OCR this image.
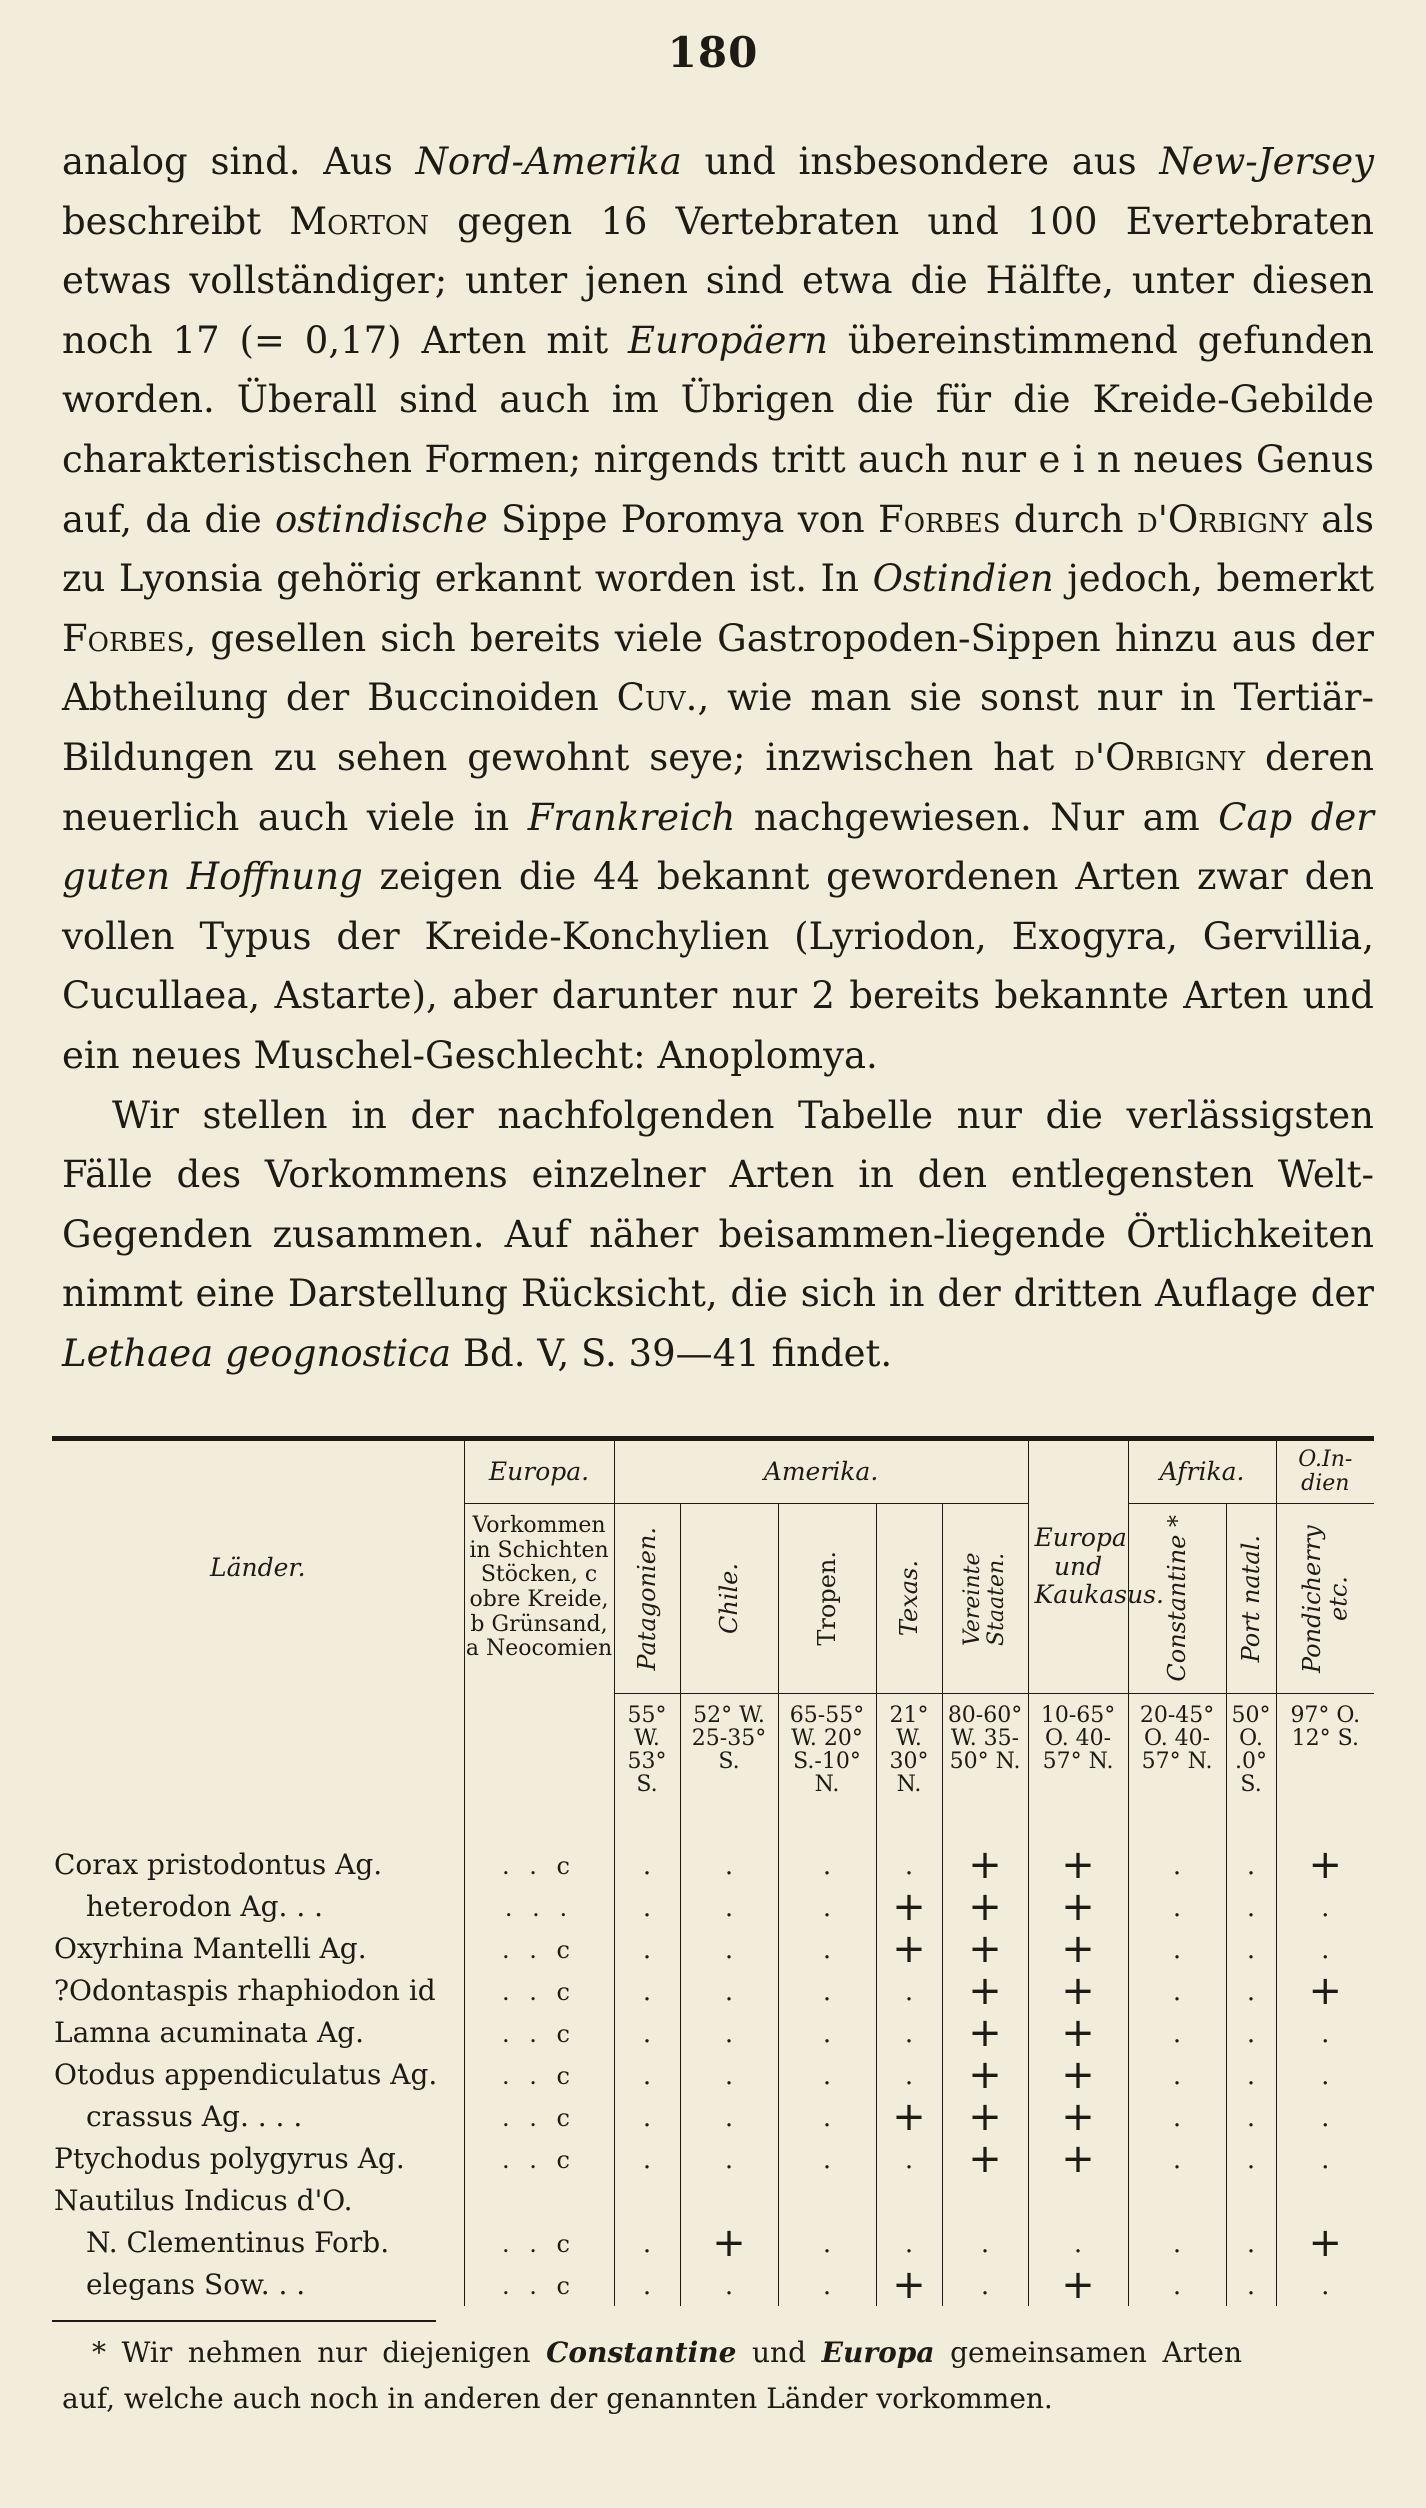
180

analog sind. Aus Nord-Amerika und insbesondere aus New-Jersey beschreibt Morton gegen 16 Vertebraten und 100 Evertebraten etwas vollständiger; unter jenen sind etwa die Hälfte, unter diesen noch 17 (= 0,17) Arten mit Europäern übereinstimmend gefunden worden. Überall sind auch im Übrigen die für die Kreide-Gebilde charakteristischen Formen; nirgends tritt auch nur e i n neues Genus auf, da die ostindische Sippe Poromya von Forbes durch d'Orbigny als zu Lyonsia gehörig erkannt worden ist. In Ostindien jedoch, bemerkt Forbes, gesellen sich bereits viele Gastropoden-Sippen hinzu aus der Abtheilung der Buccinoiden Cuv., wie man sie sonst nur in Tertiär-Bildungen zu sehen gewohnt seye; inzwischen hat d'Orbigny deren neuerlich auch viele in Frankreich nachgewiesen. Nur am Cap der guten Hoffnung zeigen die 44 bekannt gewordenen Arten zwar den vollen Typus der Kreide-Konchylien (Lyriodon, Exogyra, Gervillia, Cucullaea, Astarte), aber darunter nur 2 bereits bekannte Arten und ein neues Muschel-Geschlecht: Anoplomya.

Wir stellen in der nachfolgenden Tabelle nur die verlässigsten Fälle des Vorkommens einzelner Arten in den entlegensten Welt-Gegenden zusammen. Auf näher beisammen-liegende Örtlichkeiten nimmt eine Darstellung Rücksicht, die sich in der dritten Auflage der Lethaea geognostica Bd. V, S. 39—41 findet.

Länder.	Europa.	Amerika.					Europa und Kaukasus.	Afrika.		O.In-dien
	Vorkommen in Schichten Stöcken, c obre Kreide, b Grünsand, a Neocomien	Patagonien.	Chile.	Tropen.	Texas.	Vereinte Staaten.		Constantine *	Port natal.	Pondicherry etc.

		55° W. 53° S.	52° W. 25-35° S.	65-55° W. 20° S.-10° N.	21° W. 30° N.	80-60° W. 35-50° N.	10-65° O. 40-57° N.	20-45° O. 40-57° N.	50° O. .0° S.	97° O. 12° S.
Corax pristodontus Ag.	. . c	.	.	.	.	+	+	.	.	+
heterodon Ag. . .	. . .	.	.	.	+	+	+	.	.	.
Oxyrhina Mantelli Ag.	. . c	.	.	.	+	+	+	.	.	.
?Odontaspis rhaphiodon id	. . c	.	.	.	.	+	+	.	.	+
Lamna acuminata Ag.	. . c	.	.	.	.	+	+	.	.	.
Otodus appendiculatus Ag.	. . c	.	.	.	.	+	+	.	.	.
crassus Ag. . . .	. . c	.	.	.	+	+	+	.	.	.
Ptychodus polygyrus Ag.	. . c	.	.	.	.	+	+	.	.	.
Nautilus Indicus d'O.										
N. Clementinus Forb.	. . c	.	+	.	.	.	.	.	.	+
elegans Sow. . .	. . c	.	.	.	+	.	+	.	.	.

* Wir nehmen nur diejenigen Constantine und Europa gemeinsamen Arten auf, welche auch noch in anderen der genannten Länder vorkommen.
